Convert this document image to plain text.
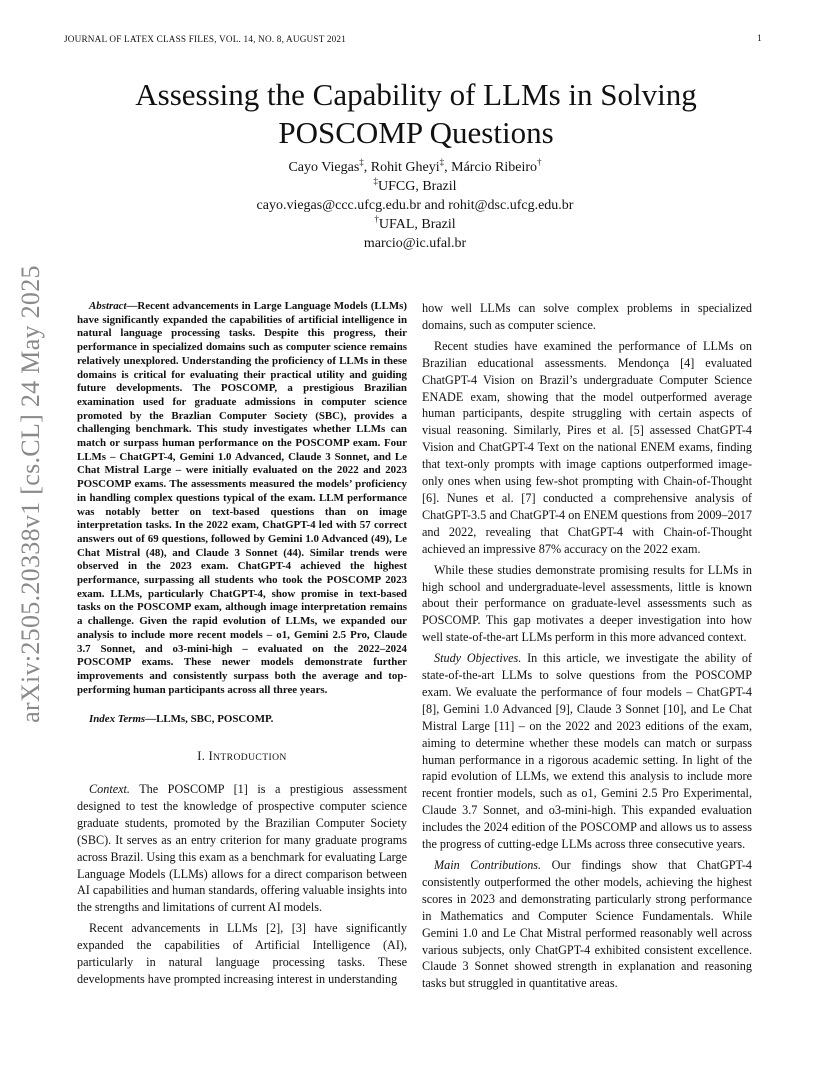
JOURNAL OF LATEX CLASS FILES, VOL. 14, NO. 8, AUGUST 2021	1
arXiv:2505.20338v1 [cs.CL] 24 May 2025
Assessing the Capability of LLMs in Solving POSCOMP Questions
Cayo Viegas‡, Rohit Gheyi‡, Márcio Ribeiro†
‡UFCG, Brazil
cayo.viegas@ccc.ufcg.edu.br and rohit@dsc.ufcg.edu.br
†UFAL, Brazil
marcio@ic.ufal.br

Abstract—Recent advancements in Large Language Models (LLMs) have significantly expanded the capabilities of artificial intelligence in natural language processing tasks. Despite this progress, their performance in specialized domains such as computer science remains relatively unexplored. Understanding the proficiency of LLMs in these domains is critical for evaluating their practical utility and guiding future developments. The POSCOMP, a prestigious Brazilian examination used for graduate admissions in computer science promoted by the Brazlian Computer Society (SBC), provides a challenging benchmark. This study investigates whether LLMs can match or surpass human performance on the POSCOMP exam. Four LLMs – ChatGPT-4, Gemini 1.0 Advanced, Claude 3 Sonnet, and Le Chat Mistral Large – were initially evaluated on the 2022 and 2023 POSCOMP exams. The assessments measured the models’ proficiency in handling complex questions typical of the exam. LLM performance was notably better on text-based questions than on image interpretation tasks. In the 2022 exam, ChatGPT-4 led with 57 correct answers out of 69 questions, followed by Gemini 1.0 Advanced (49), Le Chat Mistral (48), and Claude 3 Sonnet (44). Similar trends were observed in the 2023 exam. ChatGPT-4 achieved the highest performance, surpassing all students who took the POSCOMP 2023 exam. LLMs, particularly ChatGPT-4, show promise in text-based tasks on the POSCOMP exam, although image interpretation remains a challenge. Given the rapid evolution of LLMs, we expanded our analysis to include more recent models – o1, Gemini 2.5 Pro, Claude 3.7 Sonnet, and o3-mini-high – evaluated on the 2022–2024 POSCOMP exams. These newer models demonstrate further improvements and consistently surpass both the average and top-performing human participants across all three years.

Index Terms—LLMs, SBC, POSCOMP.

I. INTRODUCTION

Context. The POSCOMP [1] is a prestigious assessment designed to test the knowledge of prospective computer science graduate students, promoted by the Brazilian Computer Society (SBC). It serves as an entry criterion for many graduate programs across Brazil. Using this exam as a benchmark for evaluating Large Language Models (LLMs) allows for a direct comparison between AI capabilities and human standards, offering valuable insights into the strengths and limitations of current AI models.

Recent advancements in LLMs [2], [3] have significantly expanded the capabilities of Artificial Intelligence (AI), particularly in natural language processing tasks. These developments have prompted increasing interest in understanding

how well LLMs can solve complex problems in specialized domains, such as computer science.

Recent studies have examined the performance of LLMs on Brazilian educational assessments. Mendonça [4] evaluated ChatGPT-4 Vision on Brazil’s undergraduate Computer Science ENADE exam, showing that the model outperformed average human participants, despite struggling with certain aspects of visual reasoning. Similarly, Pires et al. [5] assessed ChatGPT-4 Vision and ChatGPT-4 Text on the national ENEM exams, finding that text-only prompts with image captions outperformed image-only ones when using few-shot prompting with Chain-of-Thought [6]. Nunes et al. [7] conducted a comprehensive analysis of ChatGPT-3.5 and ChatGPT-4 on ENEM questions from 2009–2017 and 2022, revealing that ChatGPT-4 with Chain-of-Thought achieved an impressive 87% accuracy on the 2022 exam.

While these studies demonstrate promising results for LLMs in high school and undergraduate-level assessments, little is known about their performance on graduate-level assessments such as POSCOMP. This gap motivates a deeper investigation into how well state-of-the-art LLMs perform in this more advanced context.

Study Objectives. In this article, we investigate the ability of state-of-the-art LLMs to solve questions from the POSCOMP exam. We evaluate the performance of four models – ChatGPT-4 [8], Gemini 1.0 Advanced [9], Claude 3 Sonnet [10], and Le Chat Mistral Large [11] – on the 2022 and 2023 editions of the exam, aiming to determine whether these models can match or surpass human performance in a rigorous academic setting. In light of the rapid evolution of LLMs, we extend this analysis to include more recent frontier models, such as o1, Gemini 2.5 Pro Experimental, Claude 3.7 Sonnet, and o3-mini-high. This expanded evaluation includes the 2024 edition of the POSCOMP and allows us to assess the progress of cutting-edge LLMs across three consecutive years.

Main Contributions. Our findings show that ChatGPT-4 consistently outperformed the other models, achieving the highest scores in 2023 and demonstrating particularly strong performance in Mathematics and Computer Science Fundamentals. While Gemini 1.0 and Le Chat Mistral performed reasonably well across various subjects, only ChatGPT-4 exhibited consistent excellence. Claude 3 Sonnet showed strength in explanation and reasoning tasks but struggled in quantitative areas.
